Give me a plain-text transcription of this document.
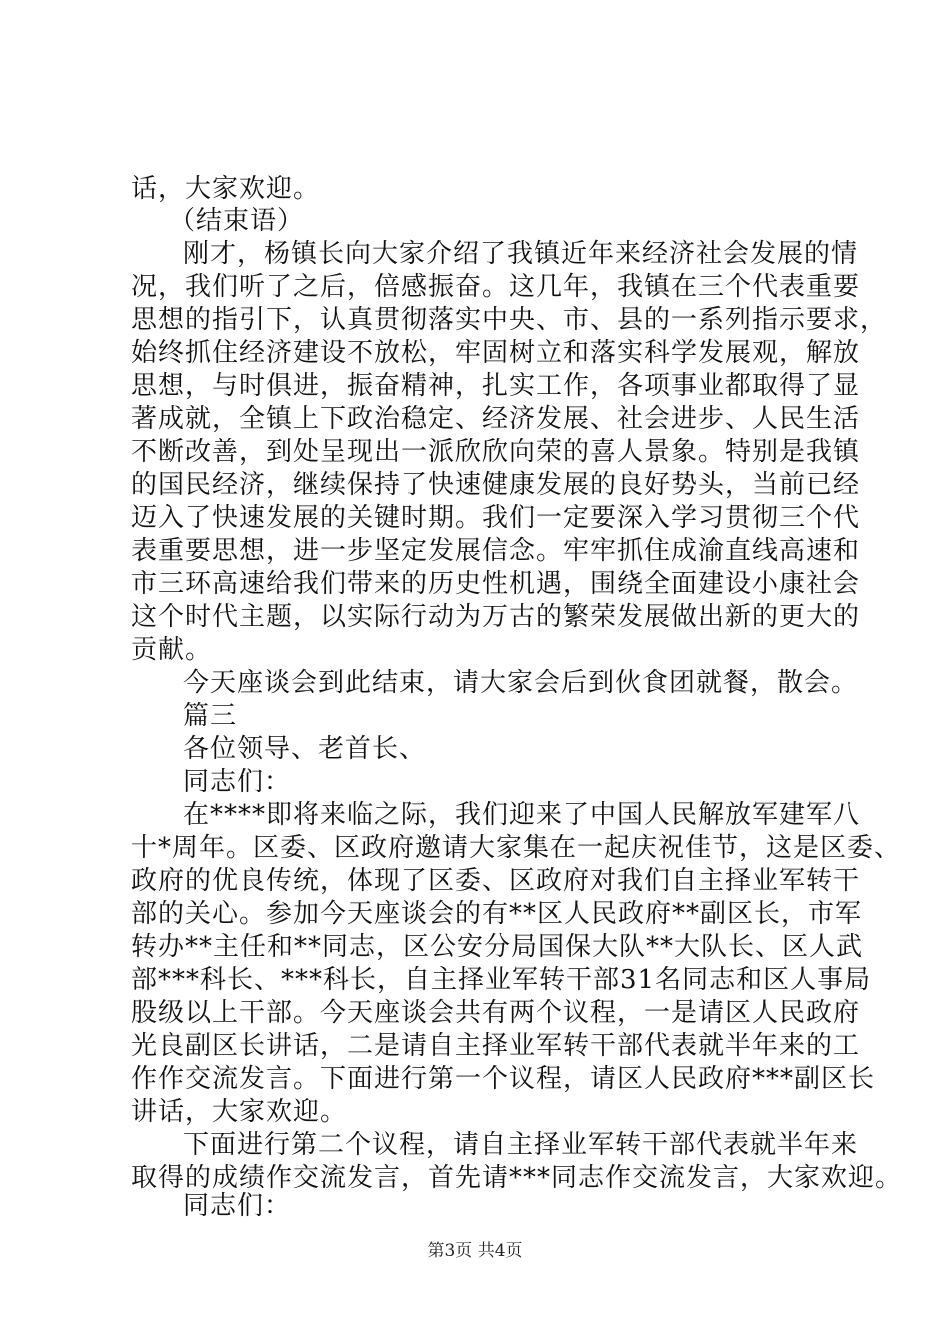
话，大家欢迎。
（结束语）
刚才，杨镇长向大家介绍了我镇近年来经济社会发展的情
况，我们听了之后，倍感振奋。这几年，我镇在三个代表重要
思想的指引下，认真贯彻落实中央、市、县的一系列指示要求，
始终抓住经济建设不放松，牢固树立和落实科学发展观，解放
思想，与时俱进，振奋精神，扎实工作，各项事业都取得了显
著成就，全镇上下政治稳定、经济发展、社会进步、人民生活
不断改善，到处呈现出一派欣欣向荣的喜人景象。特别是我镇
的国民经济，继续保持了快速健康发展的良好势头，当前已经
迈入了快速发展的关键时期。我们一定要深入学习贯彻三个代
表重要思想，进一步坚定发展信念。牢牢抓住成渝直线高速和
市三环高速给我们带来的历史性机遇，围绕全面建设小康社会
这个时代主题，以实际行动为万古的繁荣发展做出新的更大的
贡献。
今天座谈会到此结束，请大家会后到伙食团就餐，散会。
篇三
各位领导、老首长、
同志们：
在****即将来临之际，我们迎来了中国人民解放军建军八
十*周年。区委、区政府邀请大家集在一起庆祝佳节，这是区委、
政府的优良传统，体现了区委、区政府对我们自主择业军转干
部的关心。参加今天座谈会的有**区人民政府**副区长，市军
转办**主任和**同志，区公安分局国保大队**大队长、区人武
部***科长、***科长，自主择业军转干部31名同志和区人事局
股级以上干部。今天座谈会共有两个议程，一是请区人民政府
光良副区长讲话，二是请自主择业军转干部代表就半年来的工
作作交流发言。下面进行第一个议程，请区人民政府***副区长
讲话，大家欢迎。
下面进行第二个议程，请自主择业军转干部代表就半年来
取得的成绩作交流发言，首先请***同志作交流发言，大家欢迎。
同志们：
第3页 共4页
